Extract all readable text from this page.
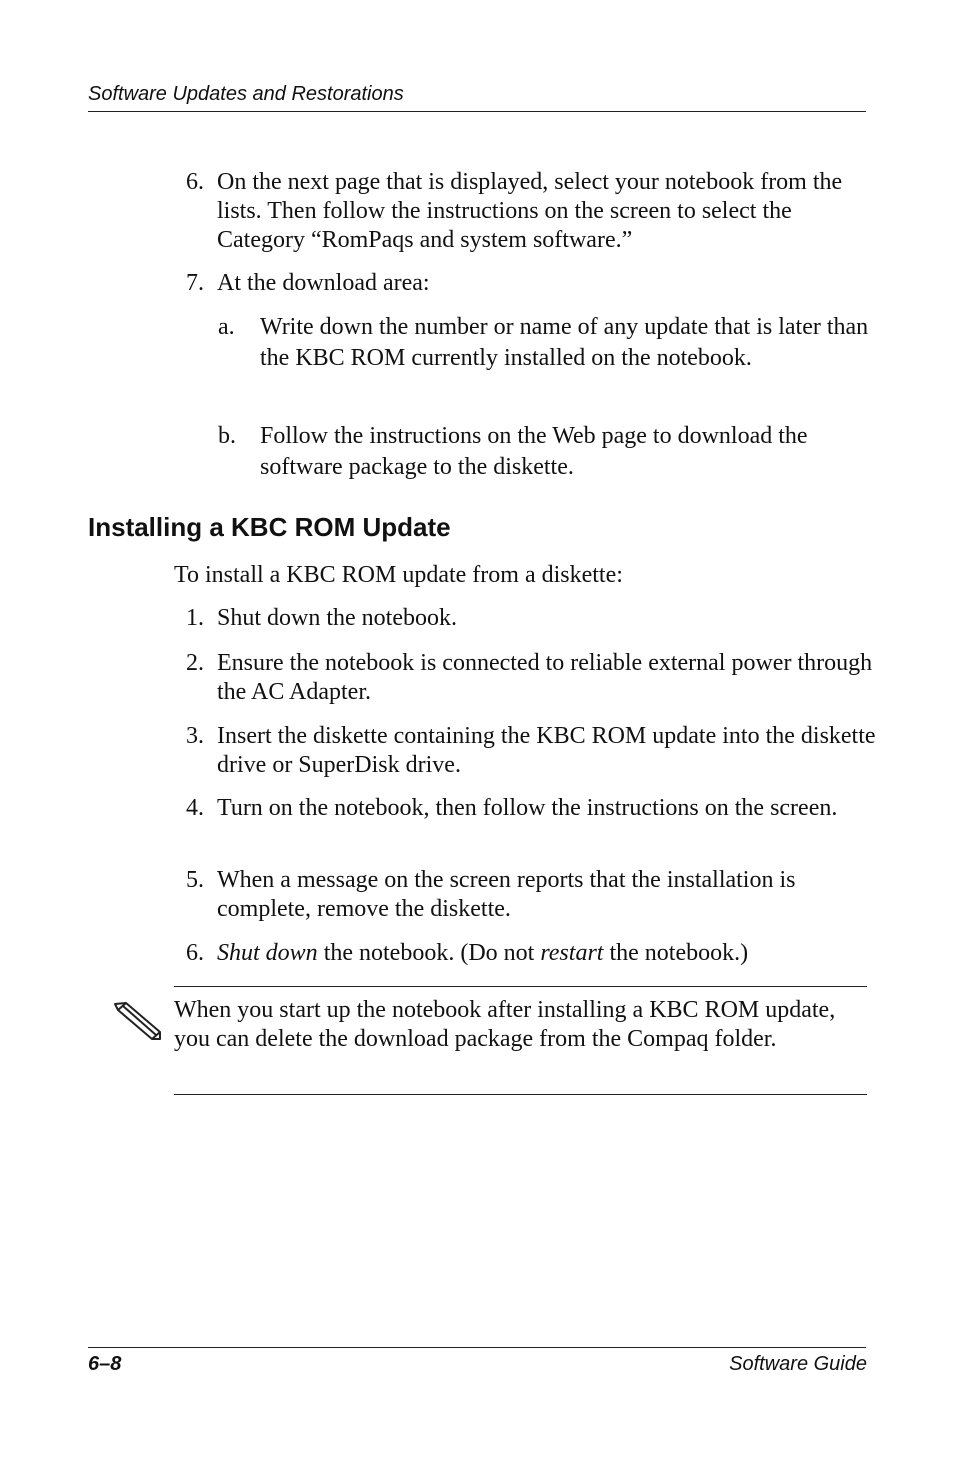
Software Updates and Restorations
6. On the next page that is displayed, select your notebook from the lists. Then follow the instructions on the screen to select the Category “RomPaqs and system software.”
7. At the download area:
a. Write down the number or name of any update that is later than the KBC ROM currently installed on the notebook.
b. Follow the instructions on the Web page to download the software package to the diskette.
Installing a KBC ROM Update
To install a KBC ROM update from a diskette:
1. Shut down the notebook.
2. Ensure the notebook is connected to reliable external power through the AC Adapter.
3. Insert the diskette containing the KBC ROM update into the diskette drive or SuperDisk drive.
4. Turn on the notebook, then follow the instructions on the screen.
5. When a message on the screen reports that the installation is complete, remove the diskette.
6. Shut down the notebook. (Do not restart the notebook.)
When you start up the notebook after installing a KBC ROM update, you can delete the download package from the Compaq folder.
6–8	Software Guide
